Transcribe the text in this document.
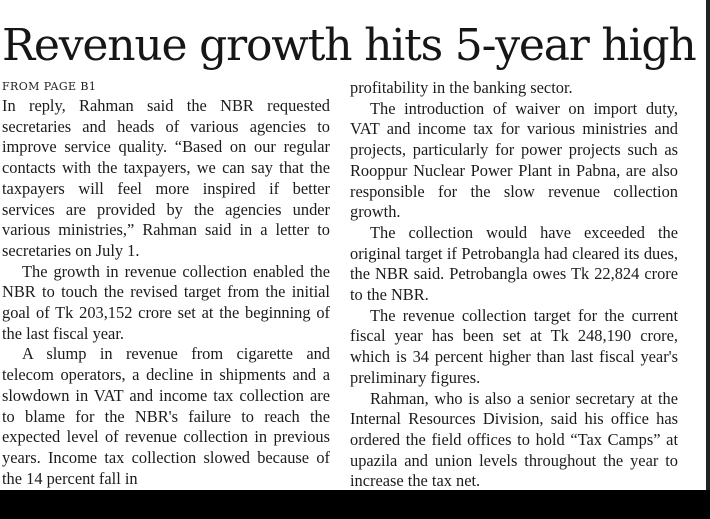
Revenue growth hits 5-year high
FROM PAGE B1

In reply, Rahman said the NBR requested secretaries and heads of various agencies to improve service quality. “Based on our regular contacts with the taxpayers, we can say that the taxpayers will feel more inspired if better services are provided by the agencies under various ministries,” Rahman said in a letter to secretaries on July 1.

The growth in revenue collection enabled the NBR to touch the revised target from the initial goal of Tk 203,152 crore set at the beginning of the last fiscal year.

A slump in revenue from cigarette and telecom operators, a decline in shipments and a slowdown in VAT and income tax collection are to blame for the NBR's failure to reach the expected level of revenue collection in previous years. Income tax collection slowed because of the 14 percent fall in

profitability in the banking sector.

The introduction of waiver on import duty, VAT and income tax for various ministries and projects, particularly for power projects such as Rooppur Nuclear Power Plant in Pabna, are also responsible for the slow revenue collection growth.

The collection would have exceeded the original target if Petrobangla had cleared its dues, the NBR said. Petrobangla owes Tk 22,824 crore to the NBR.

The revenue collection target for the current fiscal year has been set at Tk 248,190 crore, which is 34 percent higher than last fiscal year's preliminary figures.

Rahman, who is also a senior secretary at the Internal Resources Division, said his office has ordered the field offices to hold “Tax Camps” at upazila and union levels throughout the year to increase the tax net.
